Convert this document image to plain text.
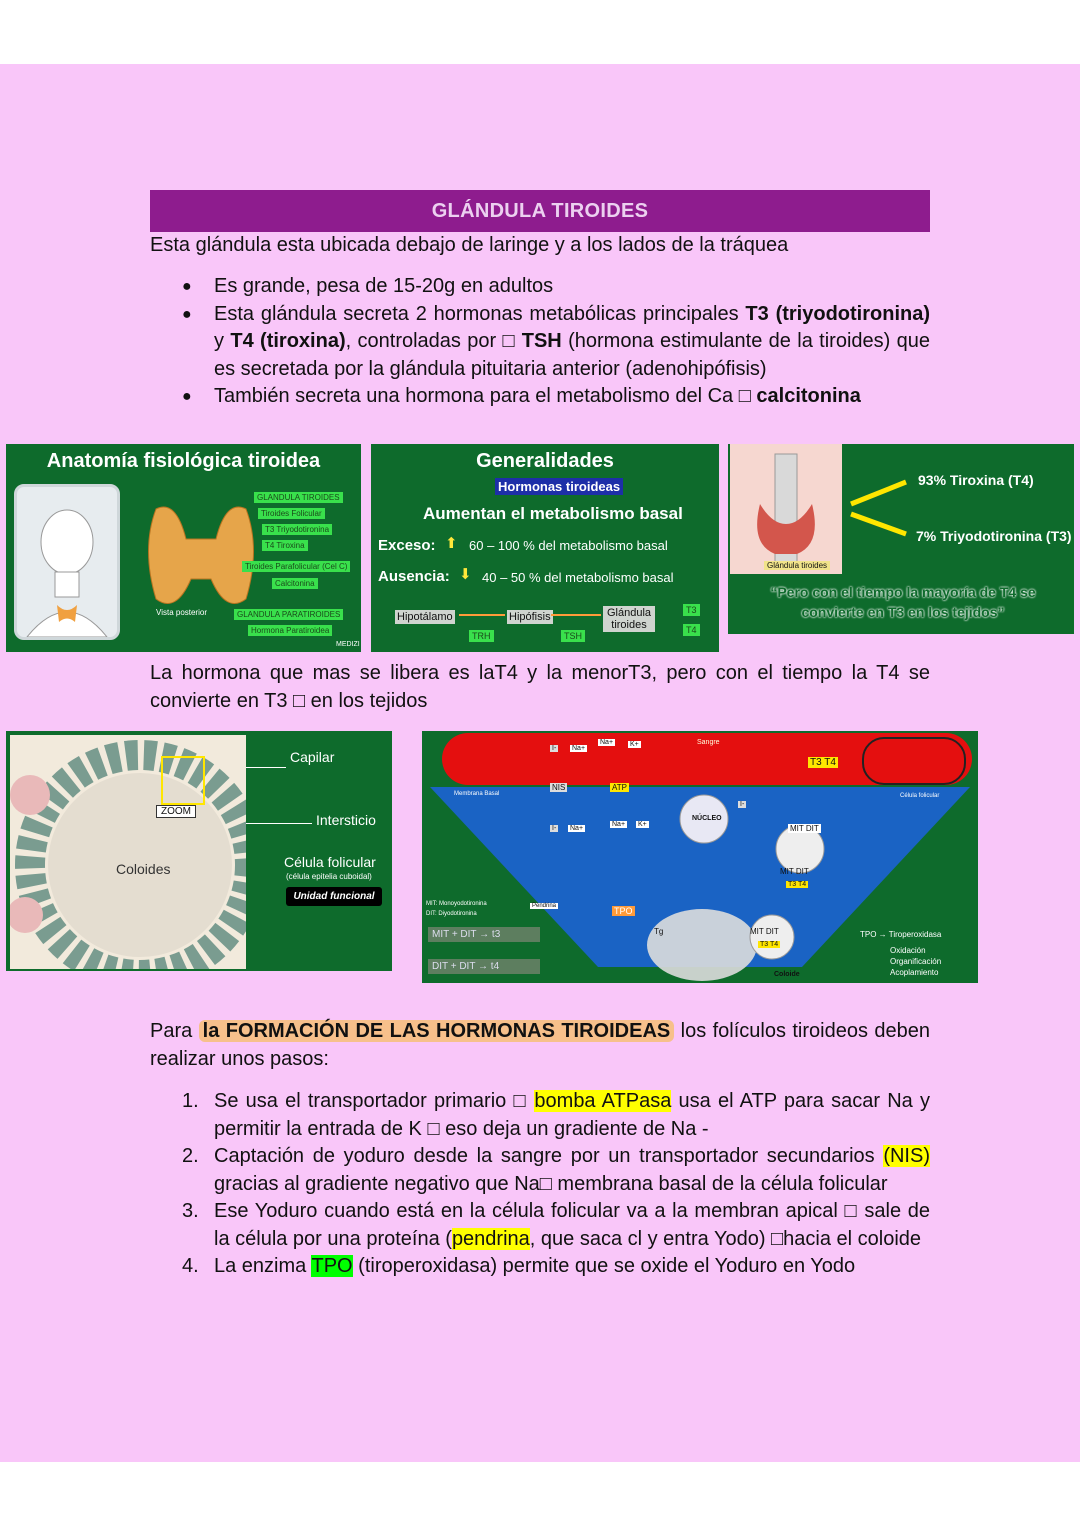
GLÁNDULA TIROIDES
Esta glándula esta ubicada debajo de laringe y a los lados de la tráquea
● Es grande, pesa de 15-20g en adultos
● Esta glándula secreta 2 hormonas metabólicas principales T3 (triyodotironina) y T4 (tiroxina), controladas por □ TSH (hormona estimulante de la tiroides) que es secretada por la glándula pituitaria anterior (adenohipófisis)
● También secreta una hormona para el metabolismo del Ca □ calcitonina
Anatomía fisiológica tiroidea
GLANDULA TIROIDES
Tiroides Folicular
T3 Triyodotironina
T4 Tiroxina
Tiroides Parafolicular (Cel C)
Calcitonina
GLANDULA PARATIROIDES
Hormona Paratiroidea
Vista posterior
MEDIZI
Generalidades
Hormonas tiroideas
Aumentan el metabolismo basal
Exceso: ⬆ 60 – 100 % del metabolismo basal
Ausencia: ⬇ 40 – 50 % del metabolismo basal
Hipotálamo	Hipófisis	Glándula tiroides
TRH	TSH
T3
T4
Glándula tiroides
93% Tiroxina (T4)
7% Triyodotironina (T3)
“Pero con el tiempo la mayoría de T4 se convierte en T3 en los tejidos”
La hormona que mas se libera es laT4 y la menorT3, pero con el tiempo la T4 se convierte en T3 □ en los tejidos
ZOOM
Coloides
Capilar
Intersticio
Célula folicular
(célula epitelia cuboidal)
Unidad funcional
Sangre
Membrana Basal	Célula folicular
NÚCLEO
NIS	ATP
Na+
Na+ K+
Na+
Na+ K+
I-
I-
I-
T3 T4
MIT DIT
MIT DIT
T3 T4
MIT DIT
T3 T4
Coloide
Tg
Pendrina	TPO
MIT: Monoyodotironina
DIT: Diyodotironina
MIT + DIT → t3
DIT + DIT → t4
TPO → Tiroperoxidasa
Oxidación
Organificación
Acoplamiento
Para la FORMACIÓN DE LAS HORMONAS TIROIDEAS los folículos tiroideos deben realizar unos pasos:
1. Se usa el transportador primario □ bomba ATPasa usa el ATP para sacar Na y permitir la entrada de K □ eso deja un gradiente de Na -
2. Captación de yoduro desde la sangre por un transportador secundarios (NIS) gracias al gradiente negativo que Na□ membrana basal de la célula folicular
3. Ese Yoduro cuando está en la célula folicular va a la membran apical □ sale de la célula por una proteína (pendrina, que saca cl y entra Yodo) □hacia el coloide
4. La enzima TPO (tiroperoxidasa) permite que se oxide el Yoduro en Yodo
